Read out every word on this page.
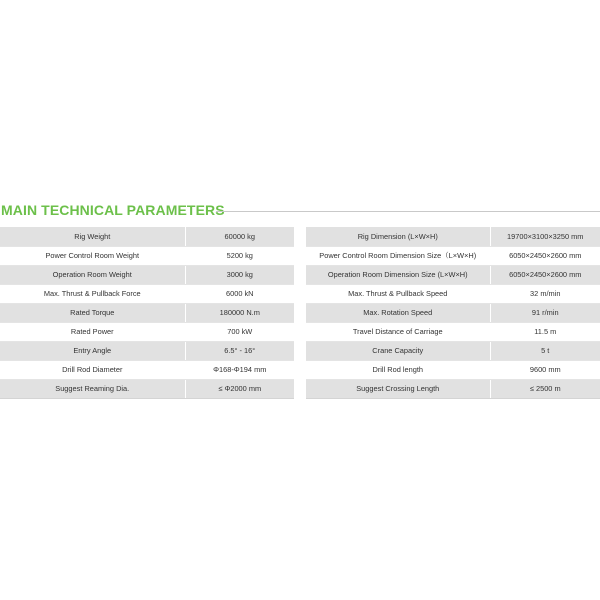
MAIN TECHNICAL PARAMETERS
Rig Weight	60000 kg
Power Control Room Weight	5200 kg
Operation Room Weight	3000 kg
Max. Thrust & Pullback Force	6000 kN
Rated Torque	180000 N.m
Rated Power	700 kW
Entry Angle	6.5° - 16°
Drill Rod Diameter	Φ168-Φ194 mm
Suggest Reaming Dia.	≤ Φ2000 mm
Rig Dimension (L×W×H)	19700×3100×3250 mm
Power Control Room Dimension Size（L×W×H)	6050×2450×2600 mm
Operation Room Dimension Size (L×W×H)	6050×2450×2600 mm
Max. Thrust & Pullback Speed	32 m/min
Max. Rotation Speed	91 r/min
Travel Distance of Carriage	11.5 m
Crane Capacity	5 t
Drill Rod length	9600 mm
Suggest Crossing Length	≤ 2500 m
